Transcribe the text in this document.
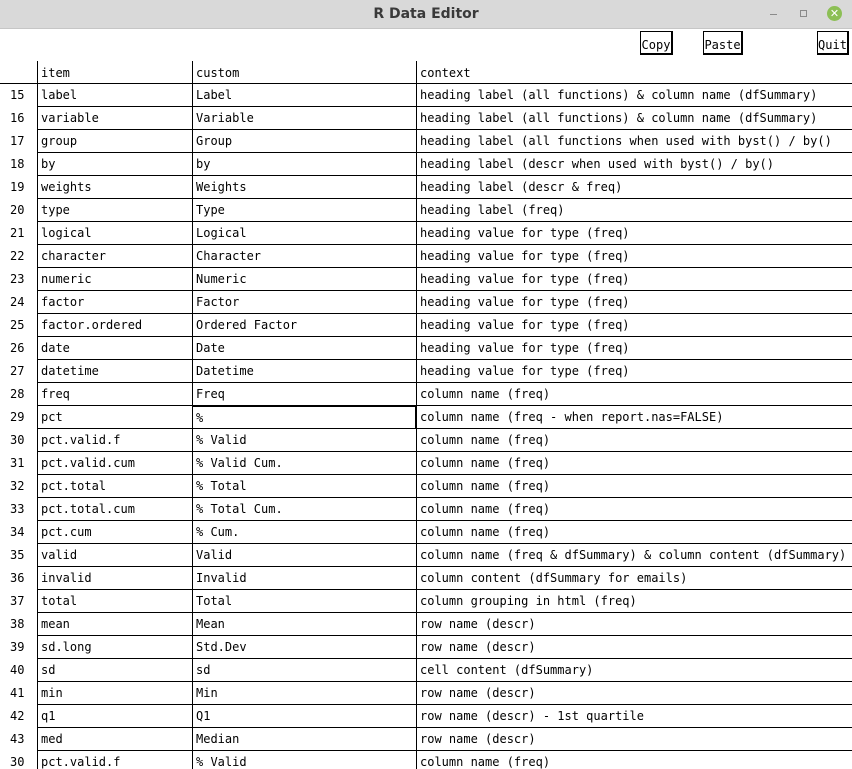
R Data Editor	✕
Copy	Paste	Quit
item	custom	context
15	label	Label	heading label (all functions) & column name (dfSummary)
16	variable	Variable	heading label (all functions) & column name (dfSummary)
17	group	Group	heading label (all functions when used with byst() / by()
18	by	by	heading label (descr when used with byst() / by()
19	weights	Weights	heading label (descr & freq)
20	type	Type	heading label (freq)
21	logical	Logical	heading value for type (freq)
22	character	Character	heading value for type (freq)
23	numeric	Numeric	heading value for type (freq)
24	factor	Factor	heading value for type (freq)
25	factor.ordered	Ordered Factor	heading value for type (freq)
26	date	Date	heading value for type (freq)
27	datetime	Datetime	heading value for type (freq)
28	freq	Freq	column name (freq)
29	pct	%	column name (freq - when report.nas=FALSE)
30	pct.valid.f	% Valid	column name (freq)
31	pct.valid.cum	% Valid Cum.	column name (freq)
32	pct.total	% Total	column name (freq)
33	pct.total.cum	% Total Cum.	column name (freq)
34	pct.cum	% Cum.	column name (freq)
35	valid	Valid	column name (freq & dfSummary) & column content (dfSummary)
36	invalid	Invalid	column content (dfSummary for emails)
37	total	Total	column grouping in html (freq)
38	mean	Mean	row name (descr)
39	sd.long	Std.Dev	row name (descr)
40	sd	sd	cell content (dfSummary)
41	min	Min	row name (descr)
42	q1	Q1	row name (descr) - 1st quartile
43	med	Median	row name (descr)
30	pct.valid.f	% Valid	column name (freq)
